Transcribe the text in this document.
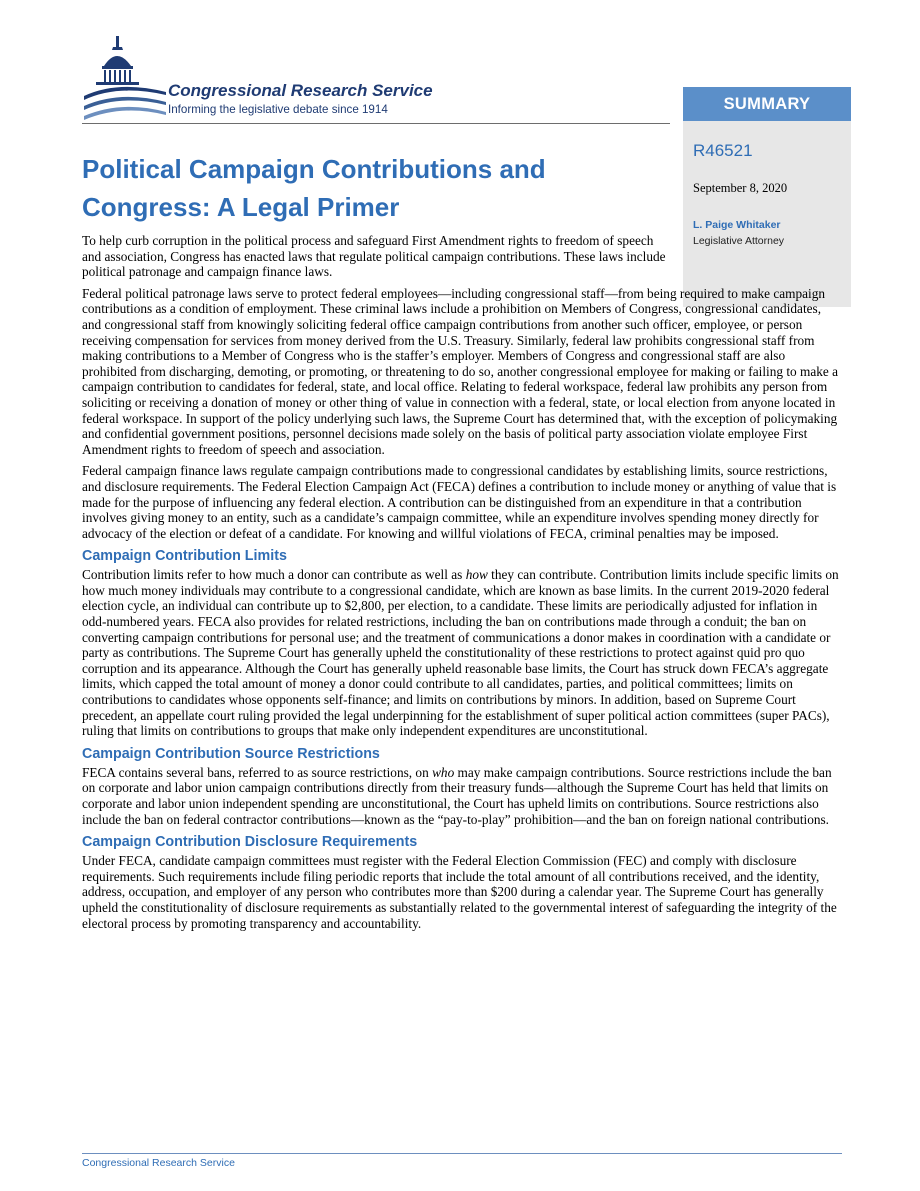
Congressional Research Service
Informing the legislative debate since 1914	SUMMARY
R46521
September 8, 2020
L. Paige Whitaker
Legislative Attorney
Political Campaign Contributions and Congress: A Legal Primer

To help curb corruption in the political process and safeguard First Amendment rights to freedom of speech and association, Congress has enacted laws that regulate political campaign contributions. These laws include political patronage and campaign finance laws.

Federal political patronage laws serve to protect federal employees—including congressional staff—from being required to make campaign contributions as a condition of employment. These criminal laws include a prohibition on Members of Congress, congressional candidates, and congressional staff from knowingly soliciting federal office campaign contributions from another such officer, employee, or person receiving compensation for services from money derived from the U.S. Treasury. Similarly, federal law prohibits congressional staff from making contributions to a Member of Congress who is the staffer’s employer. Members of Congress and congressional staff are also prohibited from discharging, demoting, or promoting, or threatening to do so, another congressional employee for making or failing to make a campaign contribution to candidates for federal, state, and local office. Relating to federal workspace, federal law prohibits any person from soliciting or receiving a donation of money or other thing of value in connection with a federal, state, or local election from anyone located in federal workspace. In support of the policy underlying such laws, the Supreme Court has determined that, with the exception of policymaking and confidential government positions, personnel decisions made solely on the basis of political party association violate employee First Amendment rights to freedom of speech and association.

Federal campaign finance laws regulate campaign contributions made to congressional candidates by establishing limits, source restrictions, and disclosure requirements. The Federal Election Campaign Act (FECA) defines a contribution to include money or anything of value that is made for the purpose of influencing any federal election. A contribution can be distinguished from an expenditure in that a contribution involves giving money to an entity, such as a candidate’s campaign committee, while an expenditure involves spending money directly for advocacy of the election or defeat of a candidate. For knowing and willful violations of FECA, criminal penalties may be imposed.

Campaign Contribution Limits

Contribution limits refer to how much a donor can contribute as well as how they can contribute. Contribution limits include specific limits on how much money individuals may contribute to a congressional candidate, which are known as base limits. In the current 2019-2020 federal election cycle, an individual can contribute up to $2,800, per election, to a candidate. These limits are periodically adjusted for inflation in odd-numbered years. FECA also provides for related restrictions, including the ban on contributions made through a conduit; the ban on converting campaign contributions for personal use; and the treatment of communications a donor makes in coordination with a candidate or party as contributions. The Supreme Court has generally upheld the constitutionality of these restrictions to protect against quid pro quo corruption and its appearance. Although the Court has generally upheld reasonable base limits, the Court has struck down FECA’s aggregate limits, which capped the total amount of money a donor could contribute to all candidates, parties, and political committees; limits on contributions to candidates whose opponents self-finance; and limits on contributions by minors. In addition, based on Supreme Court precedent, an appellate court ruling provided the legal underpinning for the establishment of super political action committees (super PACs), ruling that limits on contributions to groups that make only independent expenditures are unconstitutional.

Campaign Contribution Source Restrictions

FECA contains several bans, referred to as source restrictions, on who may make campaign contributions. Source restrictions include the ban on corporate and labor union campaign contributions directly from their treasury funds—although the Supreme Court has held that limits on corporate and labor union independent spending are unconstitutional, the Court has upheld limits on contributions. Source restrictions also include the ban on federal contractor contributions—known as the “pay-to-play” prohibition—and the ban on foreign national contributions.

Campaign Contribution Disclosure Requirements

Under FECA, candidate campaign committees must register with the Federal Election Commission (FEC) and comply with disclosure requirements. Such requirements include filing periodic reports that include the total amount of all contributions received, and the identity, address, occupation, and employer of any person who contributes more than $200 during a calendar year. The Supreme Court has generally upheld the constitutionality of disclosure requirements as substantially related to the governmental interest of safeguarding the integrity of the electoral process by promoting transparency and accountability.

Congressional Research Service
